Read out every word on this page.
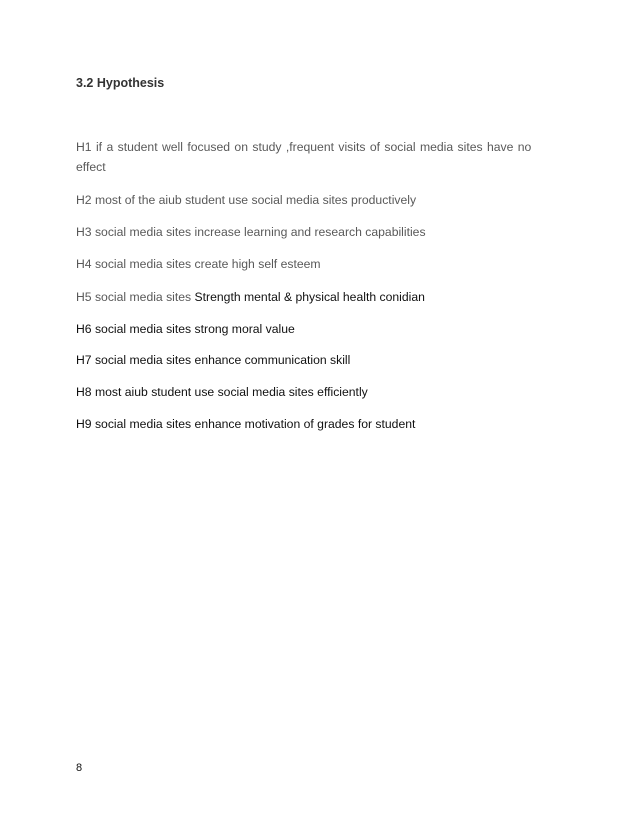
3.2 Hypothesis
H1 if a student well focused on study ,frequent visits of social media sites have no
effect
H2 most of the aiub student use social media sites productively
H3 social media sites increase learning and research capabilities
H4 social media sites create high self esteem
H5 social media sites Strength mental & physical health conidian
H6 social media sites strong moral value
H7 social media sites enhance communication skill
H8 most aiub student use social media sites efficiently
H9 social media sites enhance motivation of grades for student
8
